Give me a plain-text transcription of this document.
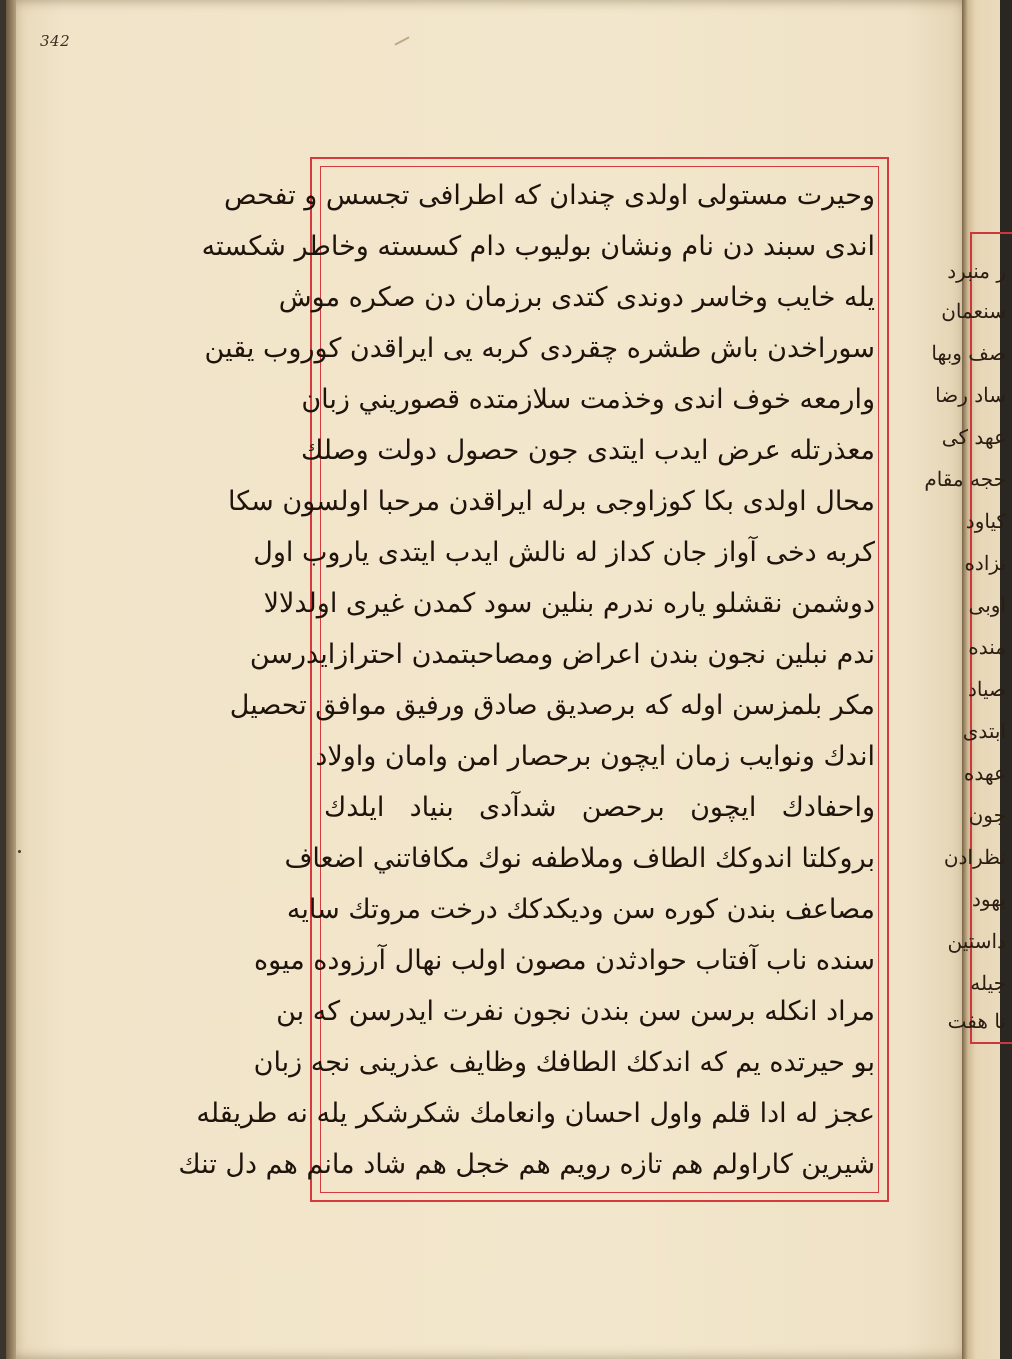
342
وحیرت مستولی اولدی چندان که اطرافی تجسس و تفحص
اندی سبند دن نام ونشان بولیوب دام کسسته وخاطر شکسته
یله خایب وخاسر دوندی کتدی برزمان دن صکره موش
سوراخدن باش طشره چقردی کربه یی ایراقدن کوروب یقین
وارمعه خوف اندی وخذمت سلازمتده قصوریني زبان
معذرتله عرض ایدب ایتدی جون حصول دولت وصلك
محال اولدی بکا کوزاوجی برله ایراقدن مرحبا اولسون سکا
کربه دخی آواز جان کداز له نالش ایدب ایتدی یاروب اول
دوشمن نقشلو یاره ندرم بنلین سود کمدن غیری اولدلالا
ندم نبلین نجون بندن اعراض ومصاحبتمدن احترازایدرسن
مکر بلمزسن اوله که برصدیق صادق ورفیق موافق تحصیل
اندك ونوایب زمان ایچون برحصار امن وامان واولاد
واحفادك ایچون برحصن شدآدی بنیاد ایلدك
بروکلتا اندوکك الطاف وملاطفه نوك مکافاتني اضعاف
مصاعف بندن کوره سن ودیکدکك درخت مروتك سایه
سنده ناب آفتاب حوادثدن مصون اولب نهال آرزوده میوه
مراد انکله برسن سن بندن نجون نفرت ایدرسن که بن
بو حیرتده یم که اندکك الطافك وظایف عذرینی نجه زبان
عجز له ادا قلم واول احسان وانعامك شکرشکر یله نه طریقله
شیرین کاراولم هم تازه رویم هم خجل هم شاد مانم هم دل تنك
ر منبرد
سنعمان
صف وبها
ساد رضا
عهد کی
حجه مقام
کیاود
نزاده
اوبی
منده
صیاد
ابتدی
عهده
جون
نظرادن
یهود
داستین
جیله
نا هفت
